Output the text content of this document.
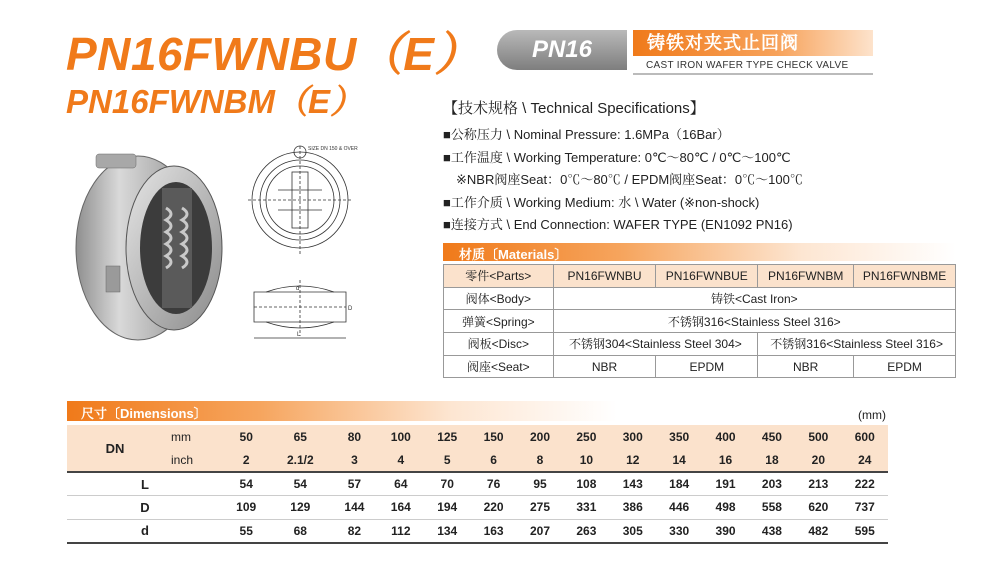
PN16FWNBU（E）
PN16FWNBM（E）
PN16	铸铁对夹式止回阀
CAST IRON WAFER TYPE CHECK VALVE
SIZE DN 150 & OVER
D
d
L
【技术规格 \ Technical Specifications】
■公称压力 \ Nominal Pressure: 1.6MPa（16Bar）
■工作温度 \ Working Temperature: 0℃～80℃ / 0℃～100℃
※NBR阀座Seat：0℃～80℃ / EPDM阀座Seat：0℃～100℃
■工作介质 \ Working Medium: 水 \ Water (※non-shock)
■连接方式 \ End Connection: WAFER TYPE (EN1092 PN16)
材质〔Materials〕
零件<Parts>	PN16FWNBU	PN16FWNBUE	PN16FWNBM	PN16FWNBME
阀体<Body>	铸铁<Cast Iron>			
弹簧<Spring>	不锈钢316<Stainless Steel 316>			
阀板<Disc>	不锈钢304<Stainless Steel 304>		不锈钢316<Stainless Steel 316>	
阀座<Seat>	NBR	EPDM	NBR	EPDM
尺寸〔Dimensions〕	(mm)
DN	mm	50	65	80	100	125	150	200	250	300	350	400	450	500	600
	inch	2	2.1/2	3	4	5	6	8	10	12	14	16	18	20	24
L		54	54	57	64	70	76	95	108	143	184	191	203	213	222
D		109	129	144	164	194	220	275	331	386	446	498	558	620	737
d		55	68	82	112	134	163	207	263	305	330	390	438	482	595
